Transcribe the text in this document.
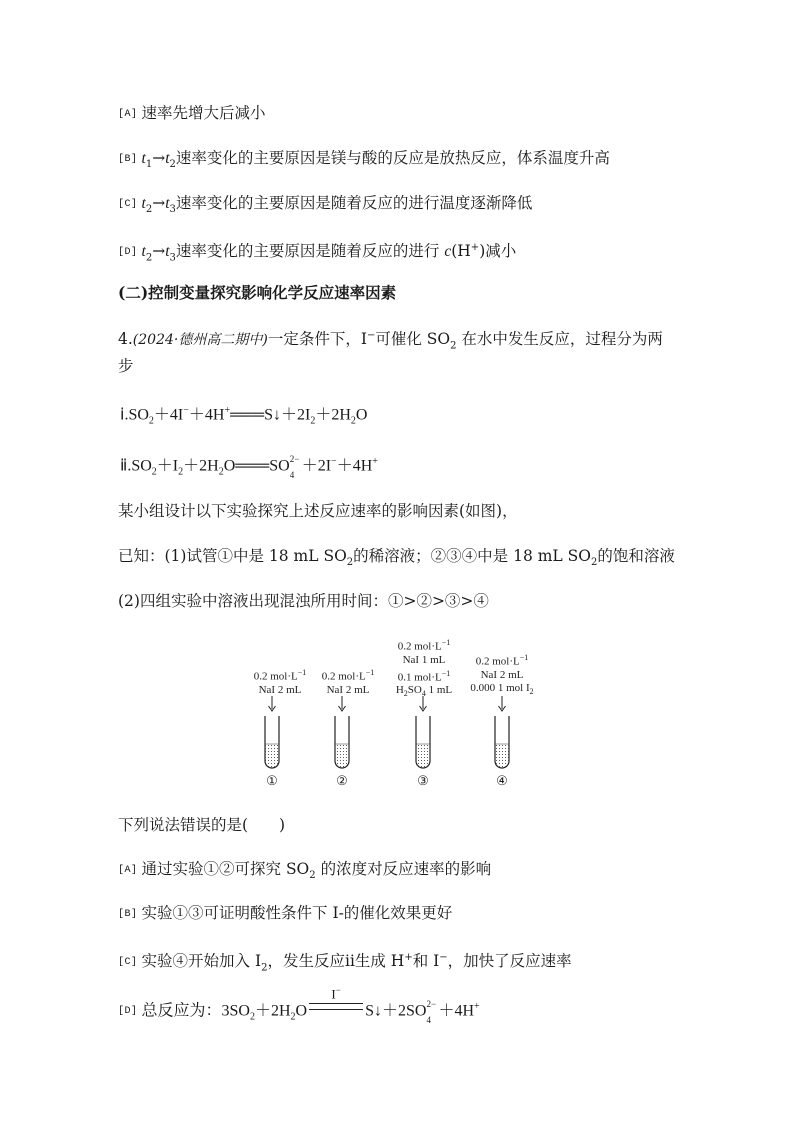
[A] 速率先增大后减小
[B] $t_1\to t_2$速率变化的主要原因是镁与酸的反应是放热反应，体系温度升高
[C] $t_2\to t_3$速率变化的主要原因是随着反应的进行温度逐渐降低
[D] $t_2\to t_3$速率变化的主要原因是随着反应的进行 c(H+)减小
(二)控制变量探究影响化学反应速率因素
4.(2024·德州高二期中)一定条件下，I−可催化 $SO_2$ 在水中发生反应，过程分为两
步
$ⅰ.SO_2+4I^-+4H^+═══S↓+2I_2+2H_2O$
$ⅱ.SO_2+I_2+2H_2O═══SO$ 2−
4
＋2I−＋4H+
某小组设计以下实验探究上述反应速率的影响因素(如图)，
已知：(1)试管①中是 18 mL $SO_2$的稀溶液；②③④中是 18 mL $SO_2$的饱和溶液
(2)四组实验中溶液出现混浊所用时间：①>②>③>④
0.2 $mol\cdot L^{-1}$
NaI 2 mL
0.2 $mol\cdot L^{-1}$
NaI 2 mL
0.2 $mol\cdot L^{-1}$
NaI 1 mL
0.1 $mol\cdot L^{-1}$
$H_2SO_4$ 1 mL
0.2 $mol\cdot L^{-1}$
NaI 2 mL
0.000 1 mol $I_2$
①	②	③	④
下列说法错误的是(　　)
[A] 通过实验①②可探究 $SO_2$ 的浓度对反应速率的影响
[B] 实验①③可证明酸性条件下 I-的催化效果更好
[C] 实验④开始加入 $I_2$，发生反应ⅱ生成 H+和 I−，加快了反应速率
[D] 总反应为：$3SO_2+2H_2O$
I−
S↓＋2SO 2−
4
＋4H+
